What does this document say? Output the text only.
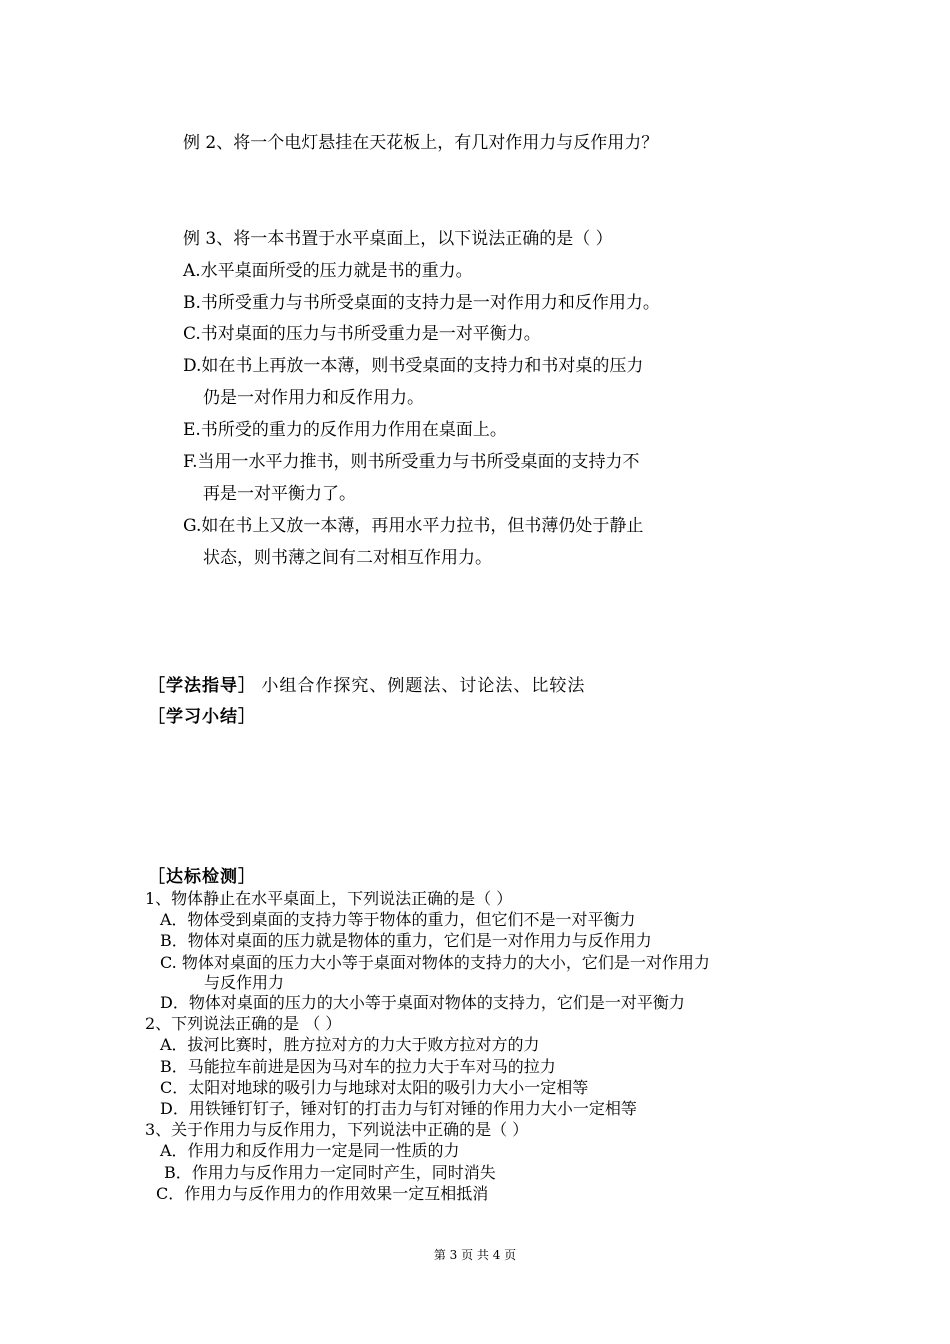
例 2、将一个电灯悬挂在天花板上，有几对作用力与反作用力？
例 3、将一本书置于水平桌面上，以下说法正确的是（ ）
A.水平桌面所受的压力就是书的重力。
B.书所受重力与书所受桌面的支持力是一对作用力和反作用力。
C.书对桌面的压力与书所受重力是一对平衡力。
D.如在书上再放一本薄，则书受桌面的支持力和书对桌的压力
仍是一对作用力和反作用力。
E.书所受的重力的反作用力作用在桌面上。
F.当用一水平力推书，则书所受重力与书所受桌面的支持力不
再是一对平衡力了。
G.如在书上又放一本薄，再用水平力拉书，但书薄仍处于静止
状态，则书薄之间有二对相互作用力。
［学法指导］ 小组合作探究、例题法、讨论法、比较法
［学习小结］
［达标检测］
1、物体静止在水平桌面上，下列说法正确的是（ ）
A．物体受到桌面的支持力等于物体的重力，但它们不是一对平衡力
B．物体对桌面的压力就是物体的重力，它们是一对作用力与反作用力
C. 物体对桌面的压力大小等于桌面对物体的支持力的大小，它们是一对作用力
与反作用力
D．物体对桌面的压力的大小等于桌面对物体的支持力，它们是一对平衡力
2、下列说法正确的是 （ ）
A．拔河比赛时，胜方拉对方的力大于败方拉对方的力
B．马能拉车前进是因为马对车的拉力大于车对马的拉力
C．太阳对地球的吸引力与地球对太阳的吸引力大小一定相等
D．用铁锤钉钉子，锤对钉的打击力与钉对锤的作用力大小一定相等
3、关于作用力与反作用力，下列说法中正确的是（ ）
A．作用力和反作用力一定是同一性质的力
B．作用力与反作用力一定同时产生，同时消失
C．作用力与反作用力的作用效果一定互相抵消
第 3 页 共 4 页
